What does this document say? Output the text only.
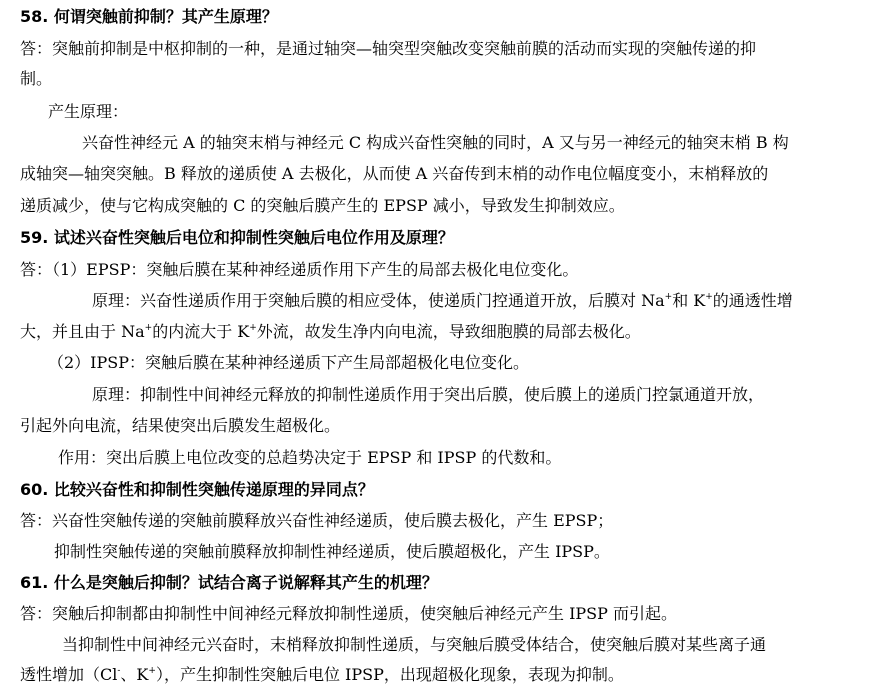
58. 何谓突触前抑制？其产生原理？
答：突触前抑制是中枢抑制的一种，是通过轴突—轴突型突触改变突触前膜的活动而实现的突触传递的抑
制。
产生原理：
兴奋性神经元 A 的轴突末梢与神经元 C 构成兴奋性突触的同时，A 又与另一神经元的轴突末梢 B 构
成轴突—轴突突触。B 释放的递质使 A 去极化，从而使 A 兴奋传到末梢的动作电位幅度变小，末梢释放的
递质减少，使与它构成突触的 C 的突触后膜产生的 EPSP 减小，导致发生抑制效应。
59. 试述兴奋性突触后电位和抑制性突触后电位作用及原理？
答：（1）EPSP：突触后膜在某种神经递质作用下产生的局部去极化电位变化。
原理：兴奋性递质作用于突触后膜的相应受体，使递质门控通道开放，后膜对 Na+和 K+的通透性增
大，并且由于 Na+的内流大于 K+外流，故发生净内向电流，导致细胞膜的局部去极化。
（2）IPSP：突触后膜在某种神经递质下产生局部超极化电位变化。
原理：抑制性中间神经元释放的抑制性递质作用于突出后膜，使后膜上的递质门控氯通道开放，
引起外向电流，结果使突出后膜发生超极化。
作用：突出后膜上电位改变的总趋势决定于 EPSP 和 IPSP 的代数和。
60. 比较兴奋性和抑制性突触传递原理的异同点？
答：兴奋性突触传递的突触前膜释放兴奋性神经递质，使后膜去极化，产生 EPSP；
抑制性突触传递的突触前膜释放抑制性神经递质，使后膜超极化，产生 IPSP。
61. 什么是突触后抑制？试结合离子说解释其产生的机理？
答：突触后抑制都由抑制性中间神经元释放抑制性递质，使突触后神经元产生 IPSP 而引起。
当抑制性中间神经元兴奋时，末梢释放抑制性递质，与突触后膜受体结合，使突触后膜对某些离子通
透性增加（Cl-、K+），产生抑制性突触后电位 IPSP，出现超极化现象，表现为抑制。
